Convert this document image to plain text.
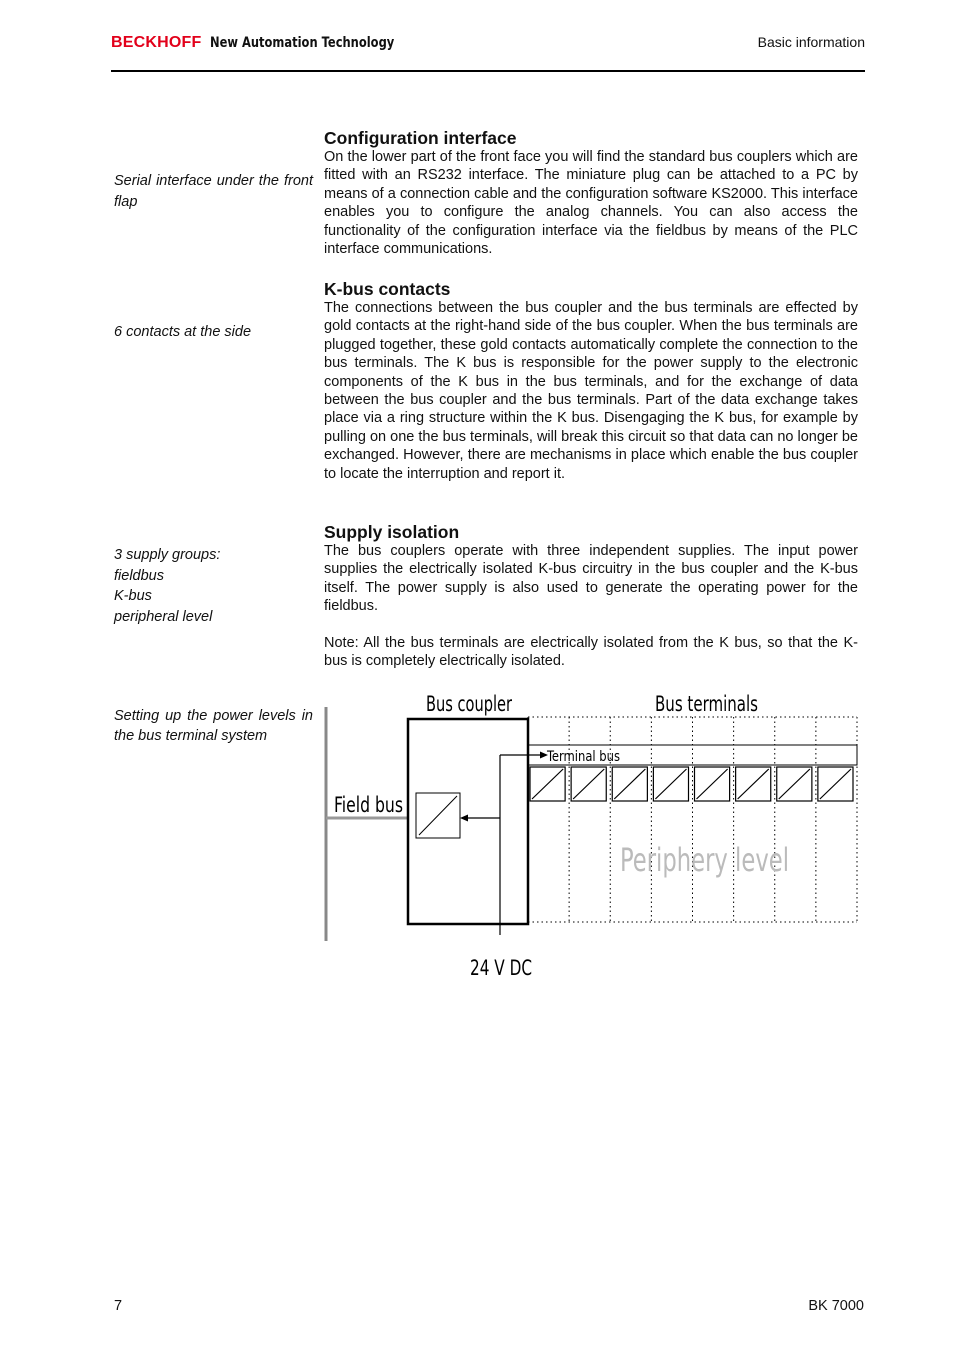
BECKHOFF New Automation Technology	Basic information
Serial interface under the front flap
6 contacts at the side
3 supply groups:
fieldbus
K-bus
peripheral level
Setting up the power levels in the bus terminal system
Configuration interface

On the lower part of the front face you will find the standard bus couplers which are fitted with an RS232 interface. The miniature plug can be attached to a PC by means of a connection cable and the configuration software KS2000. This interface enables you to configure the analog channels. You can also access the functionality of the configuration interface via the fieldbus by means of the PLC interface communications.

K-bus contacts

The connections between the bus coupler and the bus terminals are effected by gold contacts at the right-hand side of the bus coupler. When the bus terminals are plugged together, these gold contacts automatically complete the connection to the bus terminals. The K bus is responsible for the power supply to the electronic components of the K bus in the bus terminals, and for the exchange of data between the bus coupler and the bus terminals. Part of the data exchange takes place via a ring structure within the K bus. Disengaging the K bus, for example by pulling on one the bus terminals, will break this circuit so that data can no longer be exchanged. However, there are mechanisms in place which enable the bus coupler to locate the interruption and report it.

Supply isolation

The bus couplers operate with three independent supplies. The input power supplies the electrically isolated K-bus circuitry in the bus coupler and the K-bus itself. The power supply is also used to generate the operating power for the fieldbus.

Note: All the bus terminals are electrically isolated from the K bus, so that the K-bus is completely electrically isolated.

Bus coupler	Bus terminals
Terminal bus
Field bus
Periphery level
24 V DC
7	BK 7000
